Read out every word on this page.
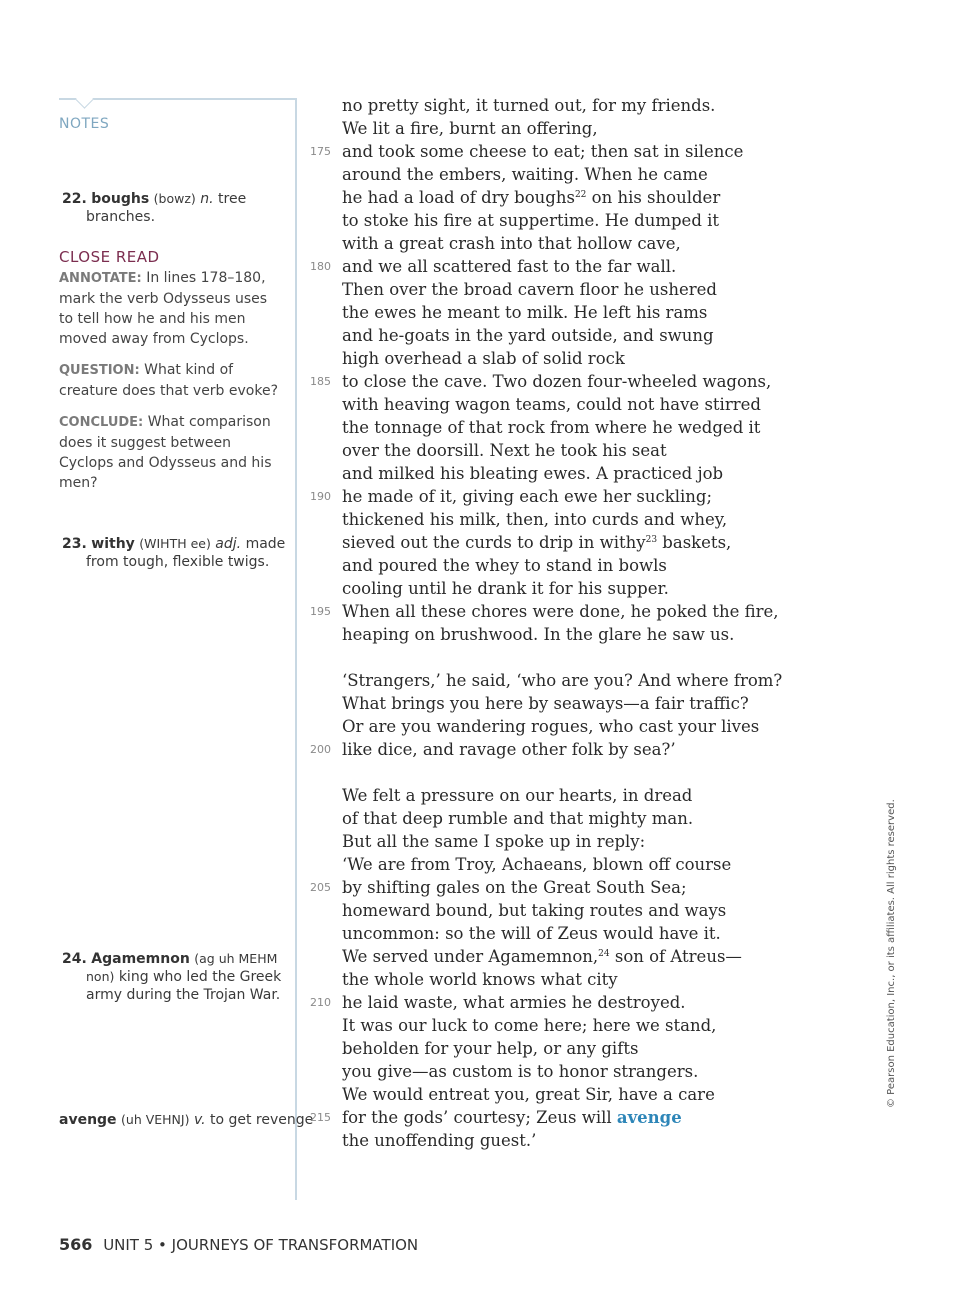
NOTES
22. boughs (bowz) n. tree branches.
CLOSE READ
ANNOTATE: In lines 178–180, mark the verb Odysseus uses to tell how he and his men moved away from Cyclops.
QUESTION: What kind of creature does that verb evoke?
CONCLUDE: What comparison does it suggest between Cyclops and Odysseus and his men?
23. withy (WIHTH ee) adj. made from tough, flexible twigs.
24. Agamemnon (ag uh MEHM non) king who led the Greek army during the Trojan War.
avenge (uh VEHNJ) v. to get revenge
no pretty sight, it turned out, for my friends.
We lit a fire, burnt an offering,
175 and took some cheese to eat; then sat in silence
around the embers, waiting. When he came
he had a load of dry boughs$^{22}$ on his shoulder
to stoke his fire at suppertime. He dumped it
with a great crash into that hollow cave,
180 and we all scattered fast to the far wall.
Then over the broad cavern floor he ushered
the ewes he meant to milk. He left his rams
and he-goats in the yard outside, and swung
high overhead a slab of solid rock
185 to close the cave. Two dozen four-wheeled wagons,
with heaving wagon teams, could not have stirred
the tonnage of that rock from where he wedged it
over the doorsill. Next he took his seat
and milked his bleating ewes. A practiced job
190 he made of it, giving each ewe her suckling;
thickened his milk, then, into curds and whey,
sieved out the curds to drip in withy$^{23}$ baskets,
and poured the whey to stand in bowls
cooling until he drank it for his supper.
195 When all these chores were done, he poked the fire,
heaping on brushwood. In the glare he saw us.
‘Strangers,’ he said, ‘who are you? And where from?
What brings you here by seaways—a fair traffic?
Or are you wandering rogues, who cast your lives
200 like dice, and ravage other folk by sea?’
We felt a pressure on our hearts, in dread
of that deep rumble and that mighty man.
But all the same I spoke up in reply:
‘We are from Troy, Achaeans, blown off course
205 by shifting gales on the Great South Sea;
homeward bound, but taking routes and ways
uncommon: so the will of Zeus would have it.
We served under Agamemnon,$^{24}$ son of Atreus—
the whole world knows what city
210 he laid waste, what armies he destroyed.
It was our luck to come here; here we stand,
beholden for your help, or any gifts
you give—as custom is to honor strangers.
We would entreat you, great Sir, have a care
215 for the gods’ courtesy; Zeus will avenge
the unoffending guest.’
© Pearson Education, Inc., or its affiliates. All rights reserved.
566 UNIT 5 • JOURNEYS OF TRANSFORMATION
